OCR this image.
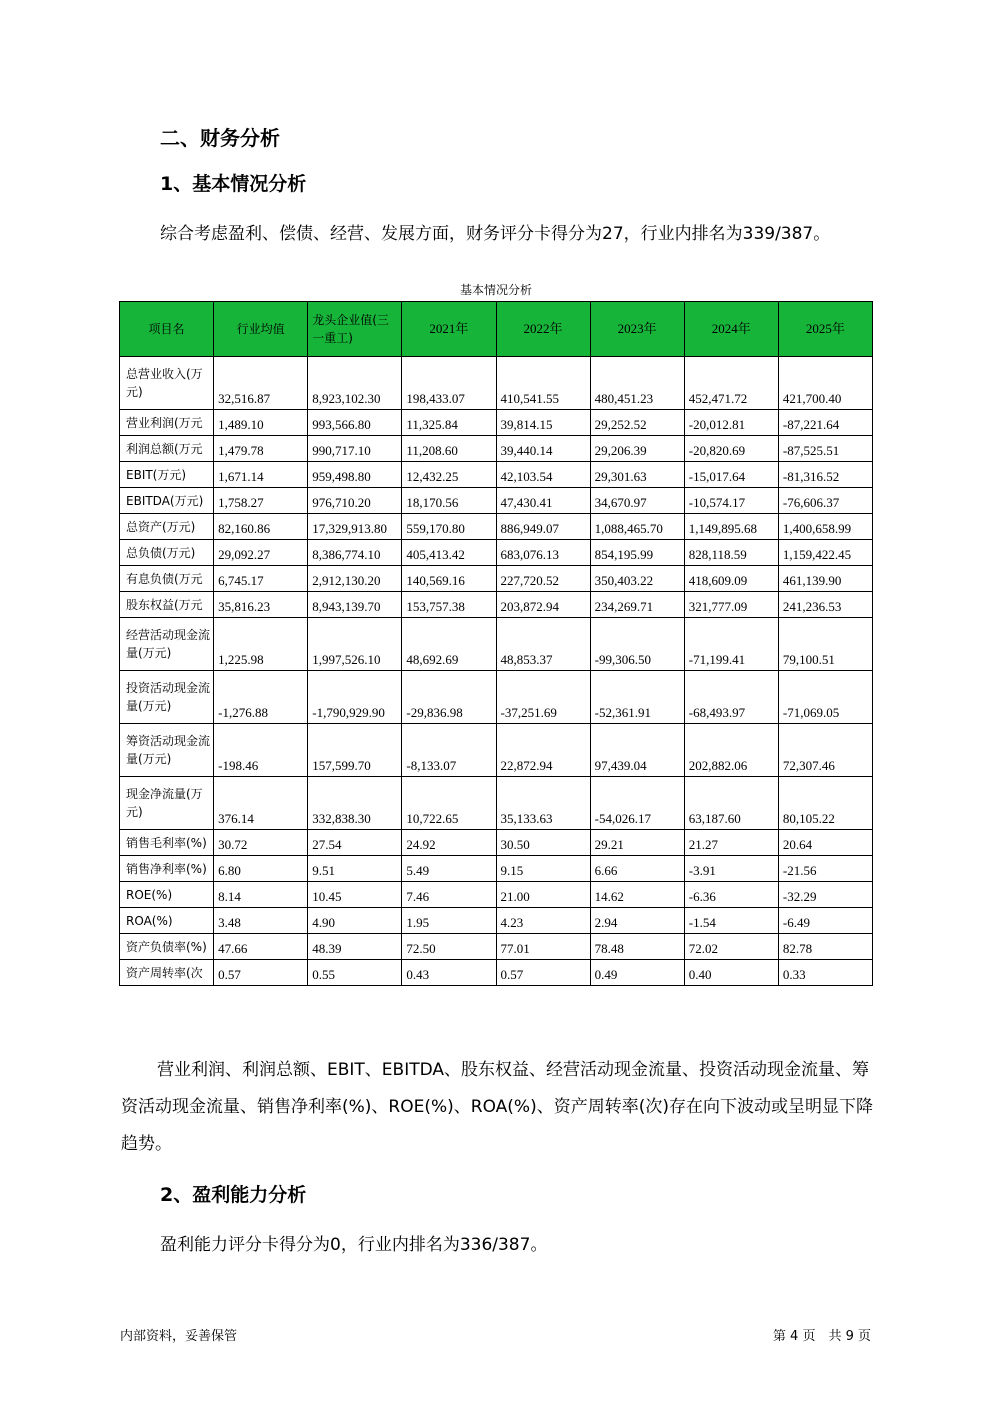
二、财务分析
1、基本情况分析
综合考虑盈利、偿债、经营、发展方面，财务评分卡得分为27，行业内排名为339/387。
基本情况分析
项目名	行业均值	龙头企业值(三一重工)	2021年	2022年	2023年	2024年	2025年
总营业收入(万元)	32,516.87	8,923,102.30	198,433.07	410,541.55	480,451.23	452,471.72	421,700.40
营业利润(万元	1,489.10	993,566.80	11,325.84	39,814.15	29,252.52	-20,012.81	-87,221.64
利润总额(万元	1,479.78	990,717.10	11,208.60	39,440.14	29,206.39	-20,820.69	-87,525.51
EBIT(万元)	1,671.14	959,498.80	12,432.25	42,103.54	29,301.63	-15,017.64	-81,316.52
EBITDA(万元)	1,758.27	976,710.20	18,170.56	47,430.41	34,670.97	-10,574.17	-76,606.37
总资产(万元)	82,160.86	17,329,913.80	559,170.80	886,949.07	1,088,465.70	1,149,895.68	1,400,658.99
总负债(万元)	29,092.27	8,386,774.10	405,413.42	683,076.13	854,195.99	828,118.59	1,159,422.45
有息负债(万元	6,745.17	2,912,130.20	140,569.16	227,720.52	350,403.22	418,609.09	461,139.90
股东权益(万元	35,816.23	8,943,139.70	153,757.38	203,872.94	234,269.71	321,777.09	241,236.53
经营活动现金流量(万元)	1,225.98	1,997,526.10	48,692.69	48,853.37	-99,306.50	-71,199.41	79,100.51
投资活动现金流量(万元)	-1,276.88	-1,790,929.90	-29,836.98	-37,251.69	-52,361.91	-68,493.97	-71,069.05
筹资活动现金流量(万元)	-198.46	157,599.70	-8,133.07	22,872.94	97,439.04	202,882.06	72,307.46
现金净流量(万元)	376.14	332,838.30	10,722.65	35,133.63	-54,026.17	63,187.60	80,105.22
销售毛利率(%)	30.72	27.54	24.92	30.50	29.21	21.27	20.64
销售净利率(%)	6.80	9.51	5.49	9.15	6.66	-3.91	-21.56
ROE(%)	8.14	10.45	7.46	21.00	14.62	-6.36	-32.29
ROA(%)	3.48	4.90	1.95	4.23	2.94	-1.54	-6.49
资产负债率(%)	47.66	48.39	72.50	77.01	78.48	72.02	82.78
资产周转率(次	0.57	0.55	0.43	0.57	0.49	0.40	0.33
营业利润、利润总额、EBIT、EBITDA、股东权益、经营活动现金流量、投资活动现金流量、筹资活动现金流量、销售净利率(%)、ROE(%)、ROA(%)、资产周转率(次)存在向下波动或呈明显下降趋势。
2、盈利能力分析
盈利能力评分卡得分为0，行业内排名为336/387。
内部资料，妥善保管	第 4 页　共 9 页
